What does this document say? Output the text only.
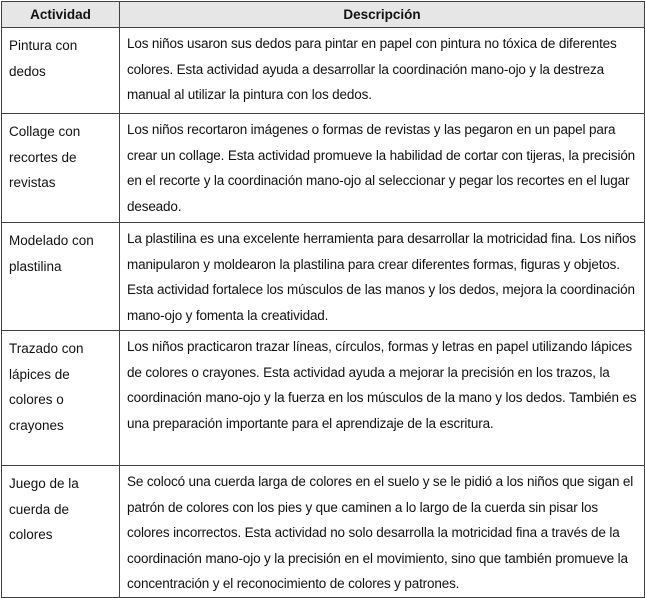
Actividad	Descripción
Pintura con dedos	Los niños usaron sus dedos para pintar en papel con pintura no tóxica de diferentes colores. Esta actividad ayuda a desarrollar la coordinación mano-ojo y la destreza manual al utilizar la pintura con los dedos.
Collage con recortes de revistas	Los niños recortaron imágenes o formas de revistas y las pegaron en un papel para crear un collage. Esta actividad promueve la habilidad de cortar con tijeras, la precisión en el recorte y la coordinación mano-ojo al seleccionar y pegar los recortes en el lugar deseado.
Modelado con plastilina	La plastilina es una excelente herramienta para desarrollar la motricidad fina. Los niños manipularon y moldearon la plastilina para crear diferentes formas, figuras y objetos. Esta actividad fortalece los músculos de las manos y los dedos, mejora la coordinación mano-ojo y fomenta la creatividad.
Trazado con lápices de colores o crayones	Los niños practicaron trazar líneas, círculos, formas y letras en papel utilizando lápices de colores o crayones. Esta actividad ayuda a mejorar la precisión en los trazos, la coordinación mano-ojo y la fuerza en los músculos de la mano y los dedos. También es una preparación importante para el aprendizaje de la escritura.
Juego de la cuerda de colores	Se colocó una cuerda larga de colores en el suelo y se le pidió a los niños que sigan el patrón de colores con los pies y que caminen a lo largo de la cuerda sin pisar los colores incorrectos. Esta actividad no solo desarrolla la motricidad fina a través de la coordinación mano-ojo y la precisión en el movimiento, sino que también promueve la concentración y el reconocimiento de colores y patrones.
